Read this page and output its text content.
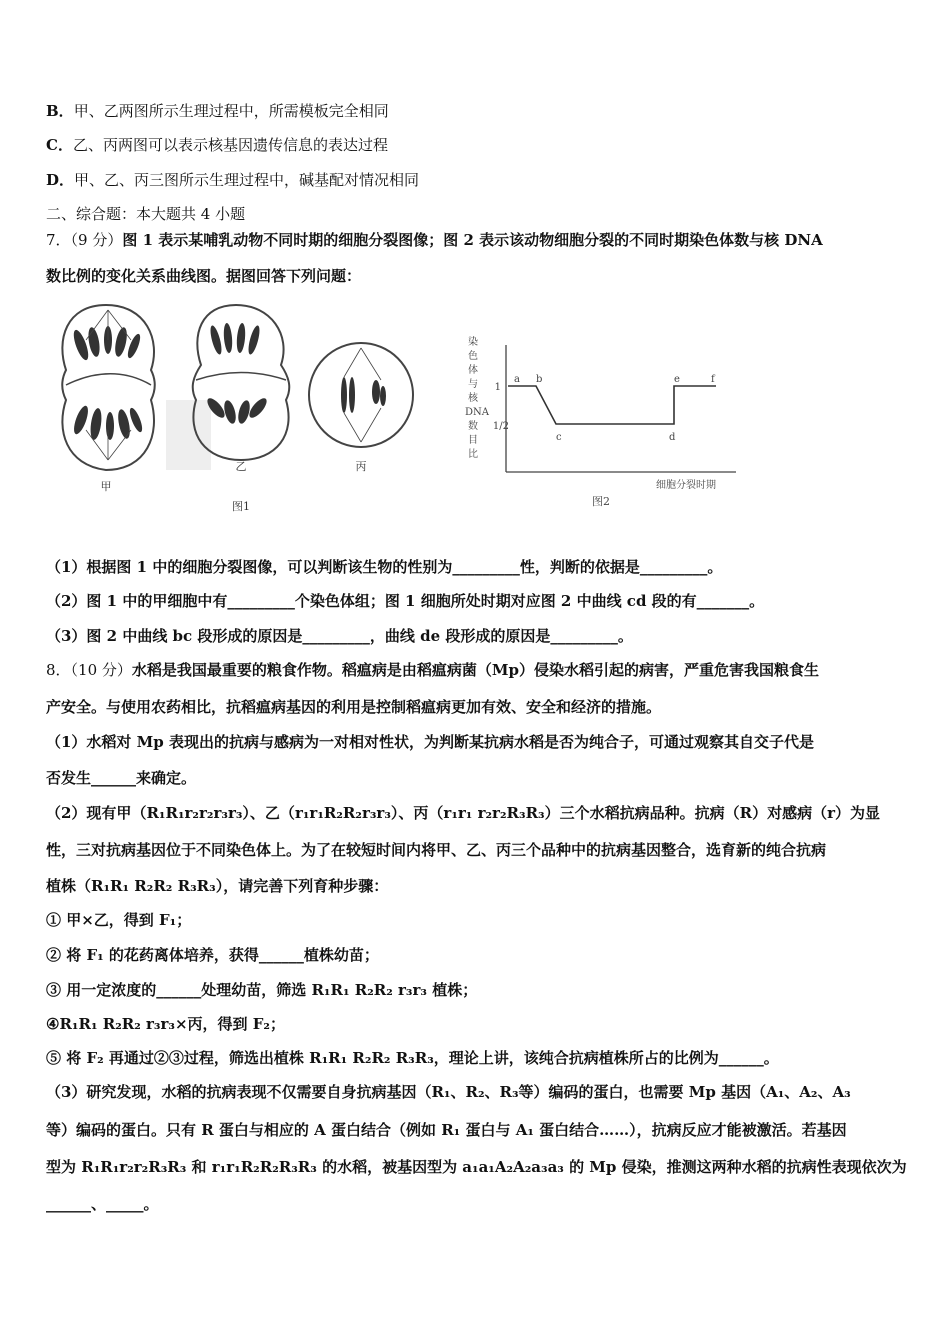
B．甲、乙两图所示生理过程中，所需模板完全相同
C．乙、丙两图可以表示核基因遗传信息的表达过程
D．甲、乙、丙三图所示生理过程中，碱基配对情况相同
二、综合题：本大题共 4 小题
7．（9 分）图 1 表示某哺乳动物不同时期的细胞分裂图像；图 2 表示该动物细胞分裂的不同时期染色体数与核 DNA
数比例的变化关系曲线图。据图回答下列问题：
甲
乙	丙
图1
染
色
体
与
核
DNA
数
目
比
1
1/2
a b
c	d
e	f
细胞分裂时期
图2
（1）根据图 1 中的细胞分裂图像，可以判断该生物的性别为_________性，判断的依据是_________。
（2）图 1 中的甲细胞中有_________个染色体组；图 1 细胞所处时期对应图 2 中曲线 cd 段的有_______。
（3）图 2 中曲线 bc 段形成的原因是_________，曲线 de 段形成的原因是_________。
8．（10 分）水稻是我国最重要的粮食作物。稻瘟病是由稻瘟病菌（Mp）侵染水稻引起的病害，严重危害我国粮食生
产安全。与使用农药相比，抗稻瘟病基因的利用是控制稻瘟病更加有效、安全和经济的措施。
（1）水稻对 Mp 表现出的抗病与感病为一对相对性状，为判断某抗病水稻是否为纯合子，可通过观察其自交子代是
否发生______来确定。
（2）现有甲（R₁R₁r₂r₂r₃r₃）、乙（r₁r₁R₂R₂r₃r₃）、丙（r₁r₁ r₂r₂R₃R₃）三个水稻抗病品种。抗病（R）对感病（r）为显
性，三对抗病基因位于不同染色体上。为了在较短时间内将甲、乙、丙三个品种中的抗病基因整合，选育新的纯合抗病
植株（R₁R₁ R₂R₂ R₃R₃），请完善下列育种步骤：
① 甲×乙，得到 F₁；
② 将 F₁ 的花药离体培养，获得______植株幼苗；
③ 用一定浓度的______处理幼苗，筛选 R₁R₁ R₂R₂ r₃r₃ 植株；
④R₁R₁ R₂R₂ r₃r₃×丙，得到 F₂；
⑤ 将 F₂ 再通过②③过程，筛选出植株 R₁R₁ R₂R₂ R₃R₃，理论上讲，该纯合抗病植株所占的比例为______。
（3）研究发现，水稻的抗病表现不仅需要自身抗病基因（R₁、R₂、R₃等）编码的蛋白，也需要 Mp 基因（A₁、A₂、A₃
等）编码的蛋白。只有 R 蛋白与相应的 A 蛋白结合（例如 R₁ 蛋白与 A₁ 蛋白结合……），抗病反应才能被激活。若基因
型为 R₁R₁r₂r₂R₃R₃ 和 r₁r₁R₂R₂R₃R₃ 的水稻，被基因型为 a₁a₁A₂A₂a₃a₃ 的 Mp 侵染，推测这两种水稻的抗病性表现依次为
______、_____。
